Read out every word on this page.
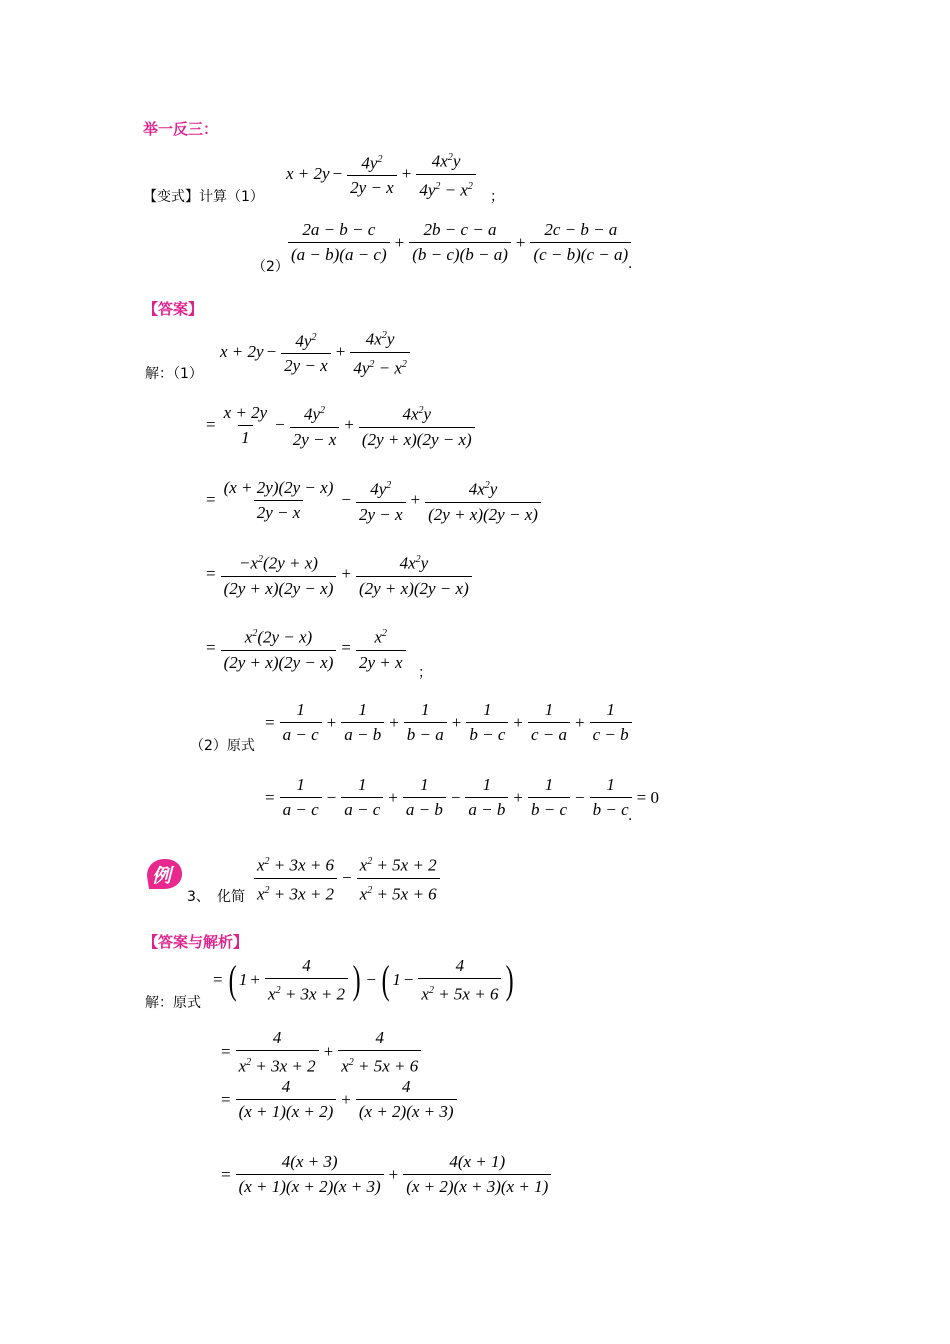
举一反三：
【变式】计算（1）
$x + 2y - \frac{4y^2}{2y - x} + \frac{4x^2y}{4y^2 - x^2}$ ；
（2）
$\frac{2a - b - c}{(a - b)(a - c)} + \frac{2b - c - a}{(b - c)(b - a)} + \frac{2c - b - a}{(c - b)(c - a)}$
.
【答案】
解：（1）
$x + 2y - \frac{4y^2}{2y - x} + \frac{4x^2y}{4y^2 - x^2}$
= $\frac{x + 2y}{1} - \frac{4y^2}{2y - x} + \frac{4x^2y}{(2y + x)(2y - x)}$
= $\frac{(x + 2y)(2y - x)}{2y - x} - \frac{4y^2}{2y - x} + \frac{4x^2y}{(2y + x)(2y - x)}$
= $\frac{-x^2(2y + x)}{(2y + x)(2y - x)} + \frac{4x^2y}{(2y + x)(2y - x)}$
= $\frac{x^2(2y - x)}{(2y + x)(2y - x)} = \frac{x^2}{2y + x}$
；
（2）原式
= $\frac{1}{a - c} + \frac{1}{a - b} + \frac{1}{b - a} + \frac{1}{b - c} + \frac{1}{c - a} + \frac{1}{c - b}$
= $\frac{1}{a - c} - \frac{1}{a - c} + \frac{1}{a - b} - \frac{1}{a - b} + \frac{1}{b - c} - \frac{1}{b - c} = 0$
.
例
3、 化简 $\frac{x^2 + 3x + 6}{x^2 + 3x + 2} - \frac{x^2 + 5x + 2}{x^2 + 5x + 6}$
【答案与解析】
解：原式
= ( $1 + \frac{4}{x^2 + 3x + 2}$ ) − ( $1 - \frac{4}{x^2 + 5x + 6}$ )
= $\frac{4}{x^2 + 3x + 2} + \frac{4}{x^2 + 5x + 6}$
= $\frac{4}{(x + 1)(x + 2)} + \frac{4}{(x + 2)(x + 3)}$
= $\frac{4(x + 3)}{(x + 1)(x + 2)(x + 3)} + \frac{4(x + 1)}{(x + 2)(x + 3)(x + 1)}$
